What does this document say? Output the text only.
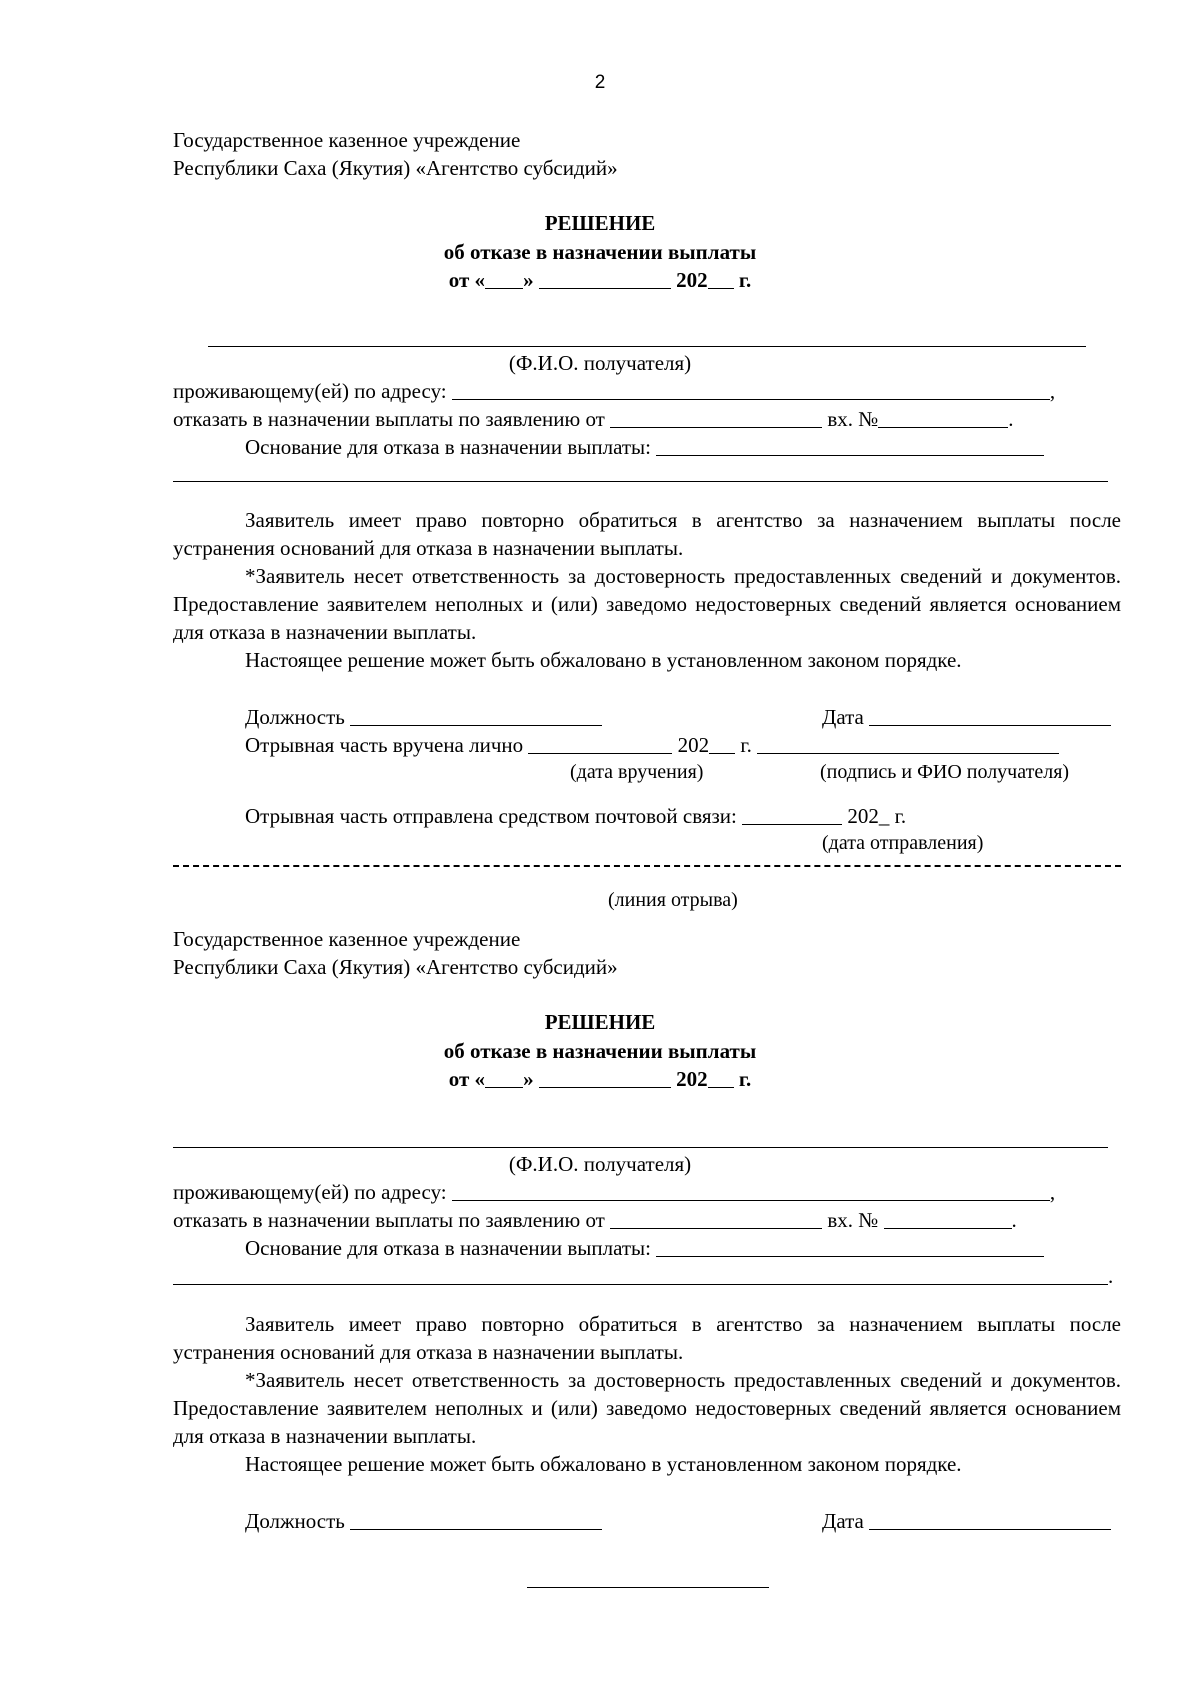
2
Государственное казенное учреждение
Республики Саха (Якутия) «Агентство субсидий»
РЕШЕНИЕ
об отказе в назначении выплаты
от « »	202 г.
(Ф.И.О. получателя)
проживающему(ей) по адресу:	,
отказать в назначении выплаты по заявлению от	вх. №	.
Основание для отказа в назначении выплаты:
Заявитель имеет право повторно обратиться в агентство за назначением выплаты после устранения оснований для отказа в назначении выплаты.
*Заявитель несет ответственность за достоверность предоставленных сведений и документов. Предоставление заявителем неполных и (или) заведомо недостоверных сведений является основанием для отказа в назначении выплаты.
Настоящее решение может быть обжаловано в установленном законом порядке.
Должность	Дата
Отрывная часть вручена лично	202 г.
(дата вручения)	(подпись и ФИО получателя)
Отрывная часть отправлена средством почтовой связи:	202_ г.
(дата отправления)
(линия отрыва)
Государственное казенное учреждение
Республики Саха (Якутия) «Агентство субсидий»
РЕШЕНИЕ
об отказе в назначении выплаты
от « »	202 г.
(Ф.И.О. получателя)
проживающему(ей) по адресу:	,
отказать в назначении выплаты по заявлению от	вх. №	.
Основание для отказа в назначении выплаты:
.
Заявитель имеет право повторно обратиться в агентство за назначением выплаты после устранения оснований для отказа в назначении выплаты.
*Заявитель несет ответственность за достоверность предоставленных сведений и документов. Предоставление заявителем неполных и (или) заведомо недостоверных сведений является основанием для отказа в назначении выплаты.
Настоящее решение может быть обжаловано в установленном законом порядке.
Должность	Дата
